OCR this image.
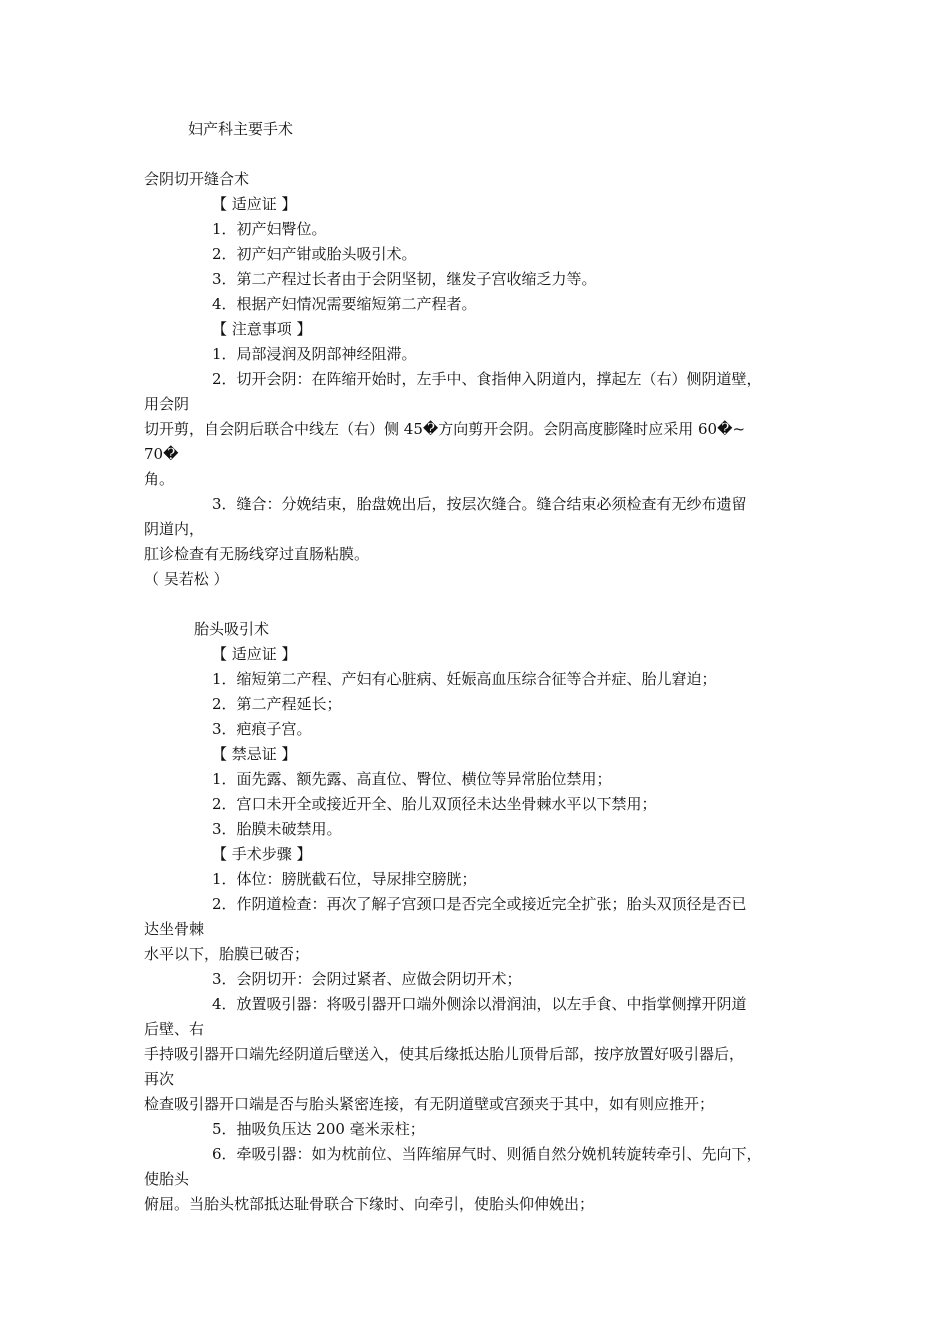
妇产科主要手术
会阴切开缝合术
【 适应证 】
1．初产妇臀位。
2．初产妇产钳或胎头吸引术。
3．第二产程过长者由于会阴坚韧，继发子宫收缩乏力等。
4．根据产妇情况需要缩短第二产程者。
【 注意事项 】
1．局部浸润及阴部神经阻滞。
2．切开会阴：在阵缩开始时，左手中、食指伸入阴道内，撑起左（右）侧阴道壁，
用会阴
切开剪，自会阴后联合中线左（右）侧 45�方向剪开会阴。会阴高度膨隆时应采用 60�~
70�
角。
3．缝合：分娩结束，胎盘娩出后，按层次缝合。缝合结束必须检查有无纱布遗留
阴道内，
肛诊检查有无肠线穿过直肠粘膜。
（ 吴若松 ）
胎头吸引术
【 适应证 】
1．缩短第二产程、产妇有心脏病、妊娠高血压综合征等合并症、胎儿窘迫；
2．第二产程延长；
3．疤痕子宫。
【 禁忌证 】
1．面先露、额先露、高直位、臀位、横位等异常胎位禁用；
2．宫口未开全或接近开全、胎儿双顶径未达坐骨棘水平以下禁用；
3．胎膜未破禁用。
【 手术步骤 】
1．体位：膀胱截石位，导尿排空膀胱；
2．作阴道检查：再次了解子宫颈口是否完全或接近完全扩张；胎头双顶径是否已
达坐骨棘
水平以下，胎膜已破否；
3．会阴切开：会阴过紧者、应做会阴切开术；
4．放置吸引器：将吸引器开口端外侧涂以滑润油，以左手食、中指掌侧撑开阴道
后壁、右
手持吸引器开口端先经阴道后壁送入，使其后缘抵达胎儿顶骨后部，按序放置好吸引器后，
再次
检查吸引器开口端是否与胎头紧密连接，有无阴道壁或宫颈夹于其中，如有则应推开；
5．抽吸负压达 200 毫米汞柱；
6．牵吸引器：如为枕前位、当阵缩屏气时、则循自然分娩机转旋转牵引、先向下，
使胎头
俯屈。当胎头枕部抵达耻骨联合下缘时、向牵引，使胎头仰伸娩出；
